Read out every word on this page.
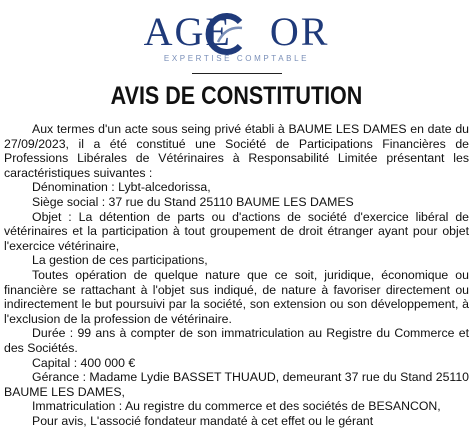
AGE OR
EXPERTISE COMPTABLE
AVIS DE CONSTITUTION

Aux termes d'un acte sous seing privé établi à BAUME LES DAMES en date du 27/09/2023, il a été constitué une Société de Participations Financières de Professions Libérales de Vétérinaires à Responsabilité Limitée présentant les caractéristiques suivantes :

Dénomination : Lybt-alcedorissa,

Siège social : 37 rue du Stand 25110 BAUME LES DAMES

Objet : La détention de parts ou d'actions de société d'exercice libéral de vétérinaires et la participation à tout groupement de droit étranger ayant pour objet l'exercice vétérinaire,

La gestion de ces participations,

Toutes opération de quelque nature que ce soit, juridique, économique ou financière se rattachant à l'objet sus indiqué, de nature à favoriser directement ou indirectement le but poursuivi par la société, son extension ou son développement, à l'exclusion de la profession de vétérinaire.

Durée : 99 ans à compter de son immatriculation au Registre du Commerce et des Sociétés.

Capital : 400 000 €

Gérance : Madame Lydie BASSET THUAUD, demeurant 37 rue du Stand 25110 BAUME LES DAMES,

Immatriculation : Au registre du commerce et des sociétés de BESANCON,

Pour avis, L'associé fondateur mandaté à cet effet ou le gérant
